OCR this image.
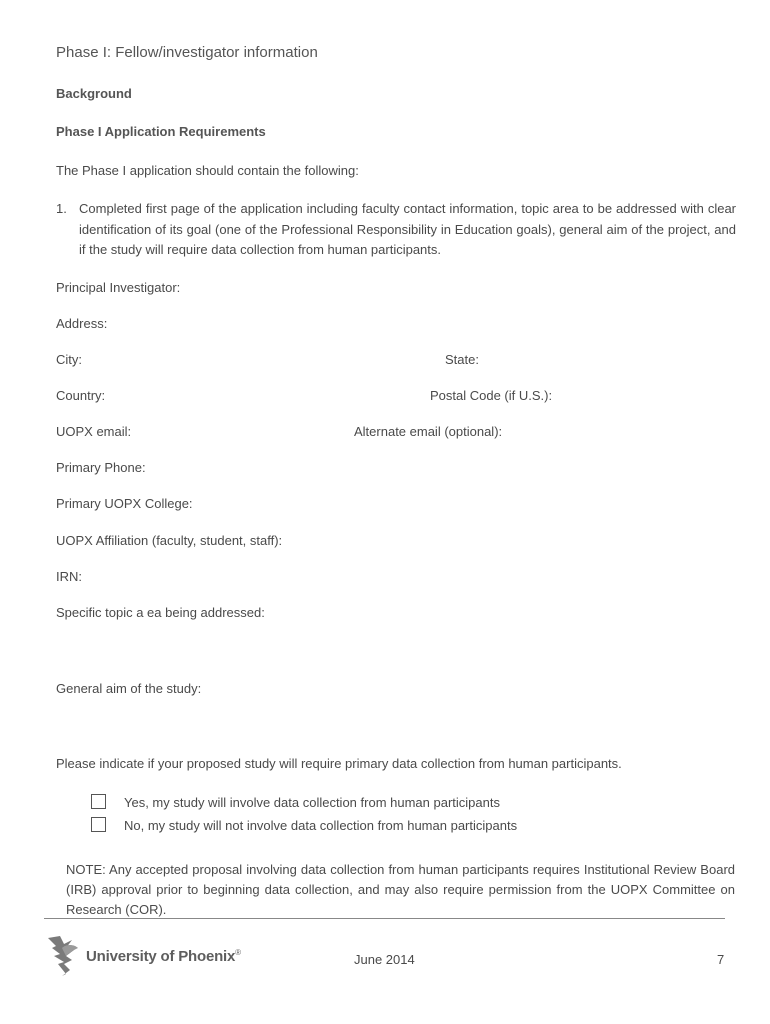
Phase I: Fellow/investigator information
Background
Phase I Application Requirements
The Phase I application should contain the following:
1. Completed first page of the application including faculty contact information, topic area to be addressed with clear identification of its goal (one of the Professional Responsibility in Education goals), general aim of the project, and if the study will require data collection from human participants.
Principal Investigator:
Address:
City:	State:
Country:	Postal Code (if U.S.):
UOPX email:	Alternate email (optional):
Primary Phone:
Primary UOPX College:
UOPX Affiliation (faculty, student, staff):
IRN:
Specific topic a ea being addressed:
General aim of the study:
Please indicate if your proposed study will require primary data collection from human participants.
Yes, my study will involve data collection from human participants
No, my study will not involve data collection from human participants
NOTE: Any accepted proposal involving data collection from human participants requires Institutional Review Board (IRB) approval prior to beginning data collection, and may also require permission from the UOPX Committee on Research (COR).
University of Phoenix®	June 2014	7
